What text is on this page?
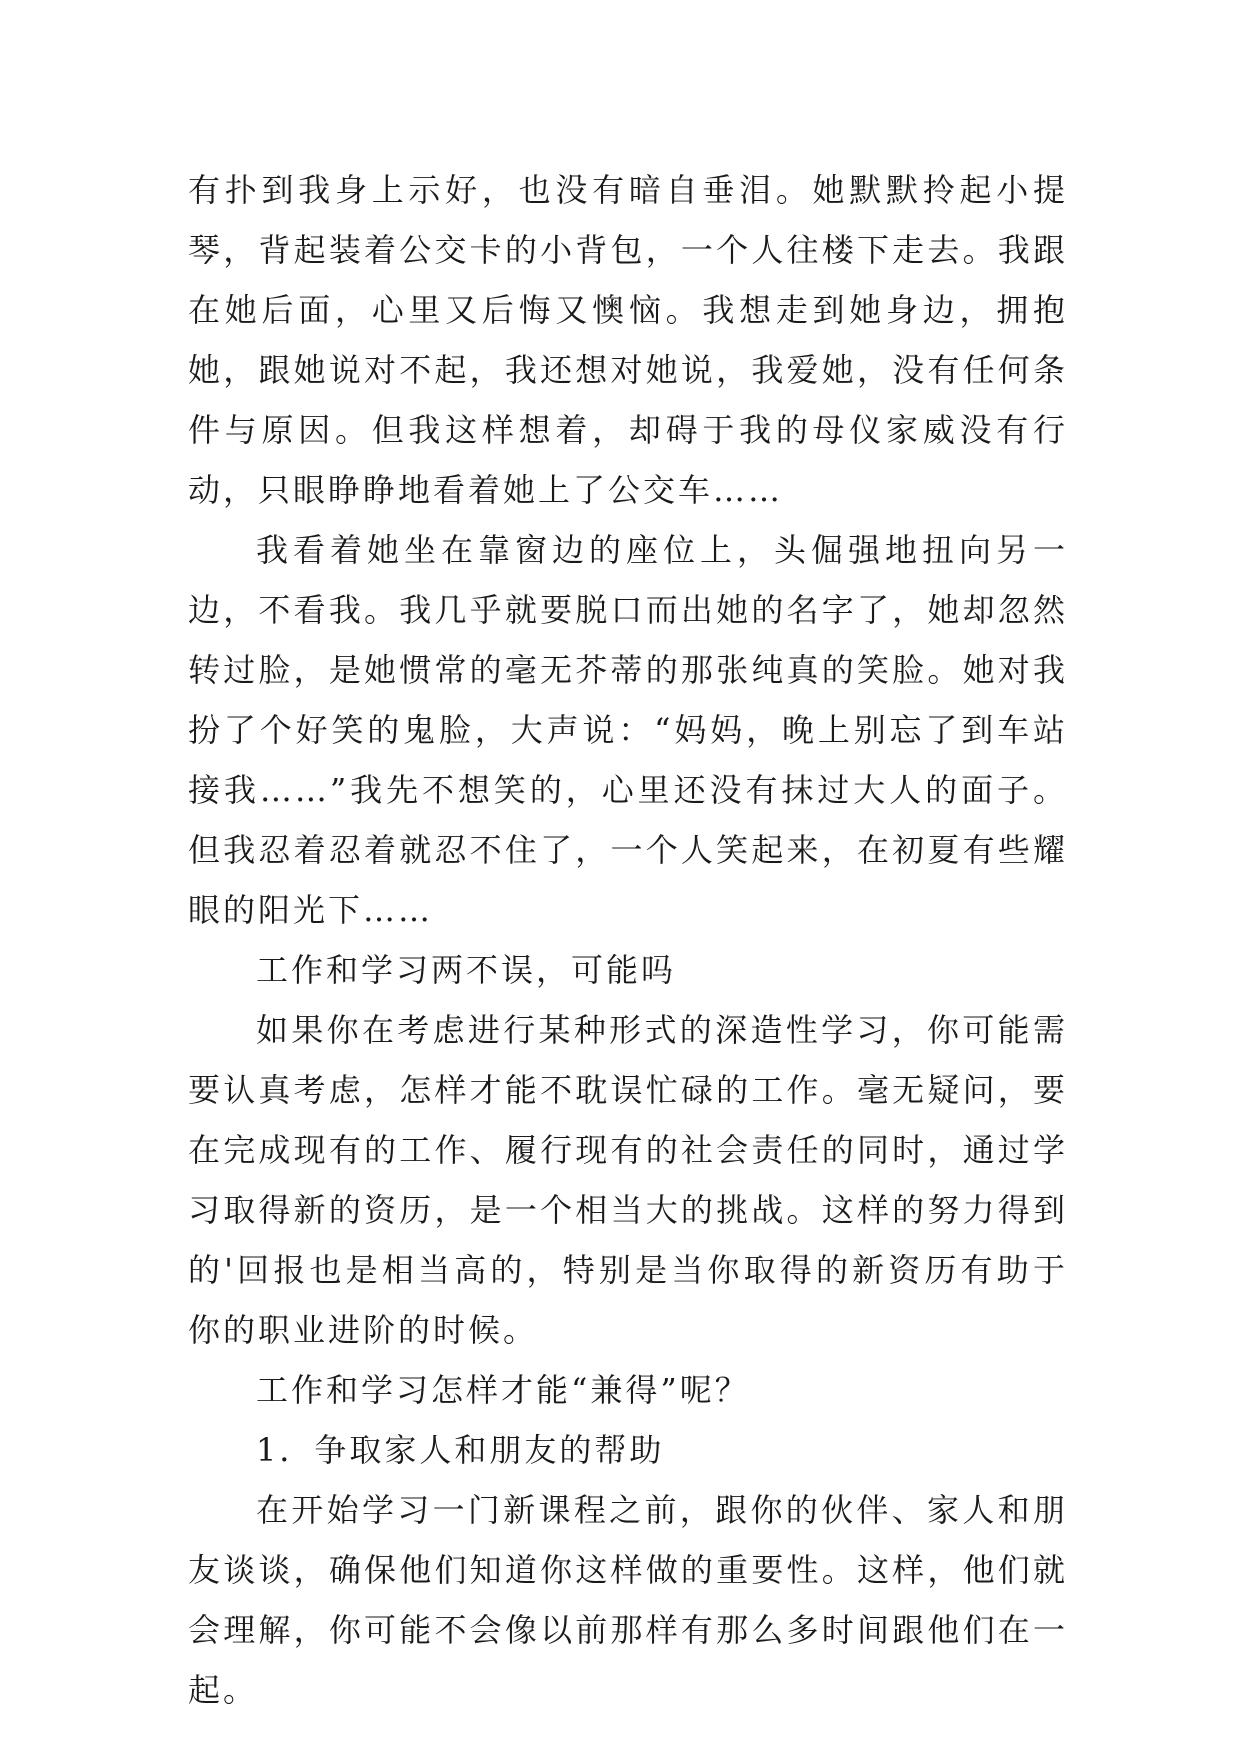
有扑到我身上示好，也没有暗自垂泪。她默默拎起小提琴，背起装着公交卡的小背包，一个人往楼下走去。我跟在她后面，心里又后悔又懊恼。我想走到她身边，拥抱她，跟她说对不起，我还想对她说，我爱她，没有任何条件与原因。但我这样想着，却碍于我的母仪家威没有行动，只眼睁睁地看着她上了公交车……

我看着她坐在靠窗边的座位上，头倔强地扭向另一边，不看我。我几乎就要脱口而出她的名字了，她却忽然转过脸，是她惯常的毫无芥蒂的那张纯真的笑脸。她对我扮了个好笑的鬼脸，大声说：“妈妈，晚上别忘了到车站接我……”我先不想笑的，心里还没有抹过大人的面子。但我忍着忍着就忍不住了，一个人笑起来，在初夏有些耀眼的阳光下……

工作和学习两不误，可能吗

如果你在考虑进行某种形式的深造性学习，你可能需要认真考虑，怎样才能不耽误忙碌的工作。毫无疑问，要在完成现有的工作、履行现有的社会责任的同时，通过学习取得新的资历，是一个相当大的挑战。这样的努力得到的'回报也是相当高的，特别是当你取得的新资历有助于你的职业进阶的时候。

工作和学习怎样才能“兼得”呢？

1．争取家人和朋友的帮助

在开始学习一门新课程之前，跟你的伙伴、家人和朋友谈谈，确保他们知道你这样做的重要性。这样，他们就会理解，你可能不会像以前那样有那么多时间跟他们在一起。
